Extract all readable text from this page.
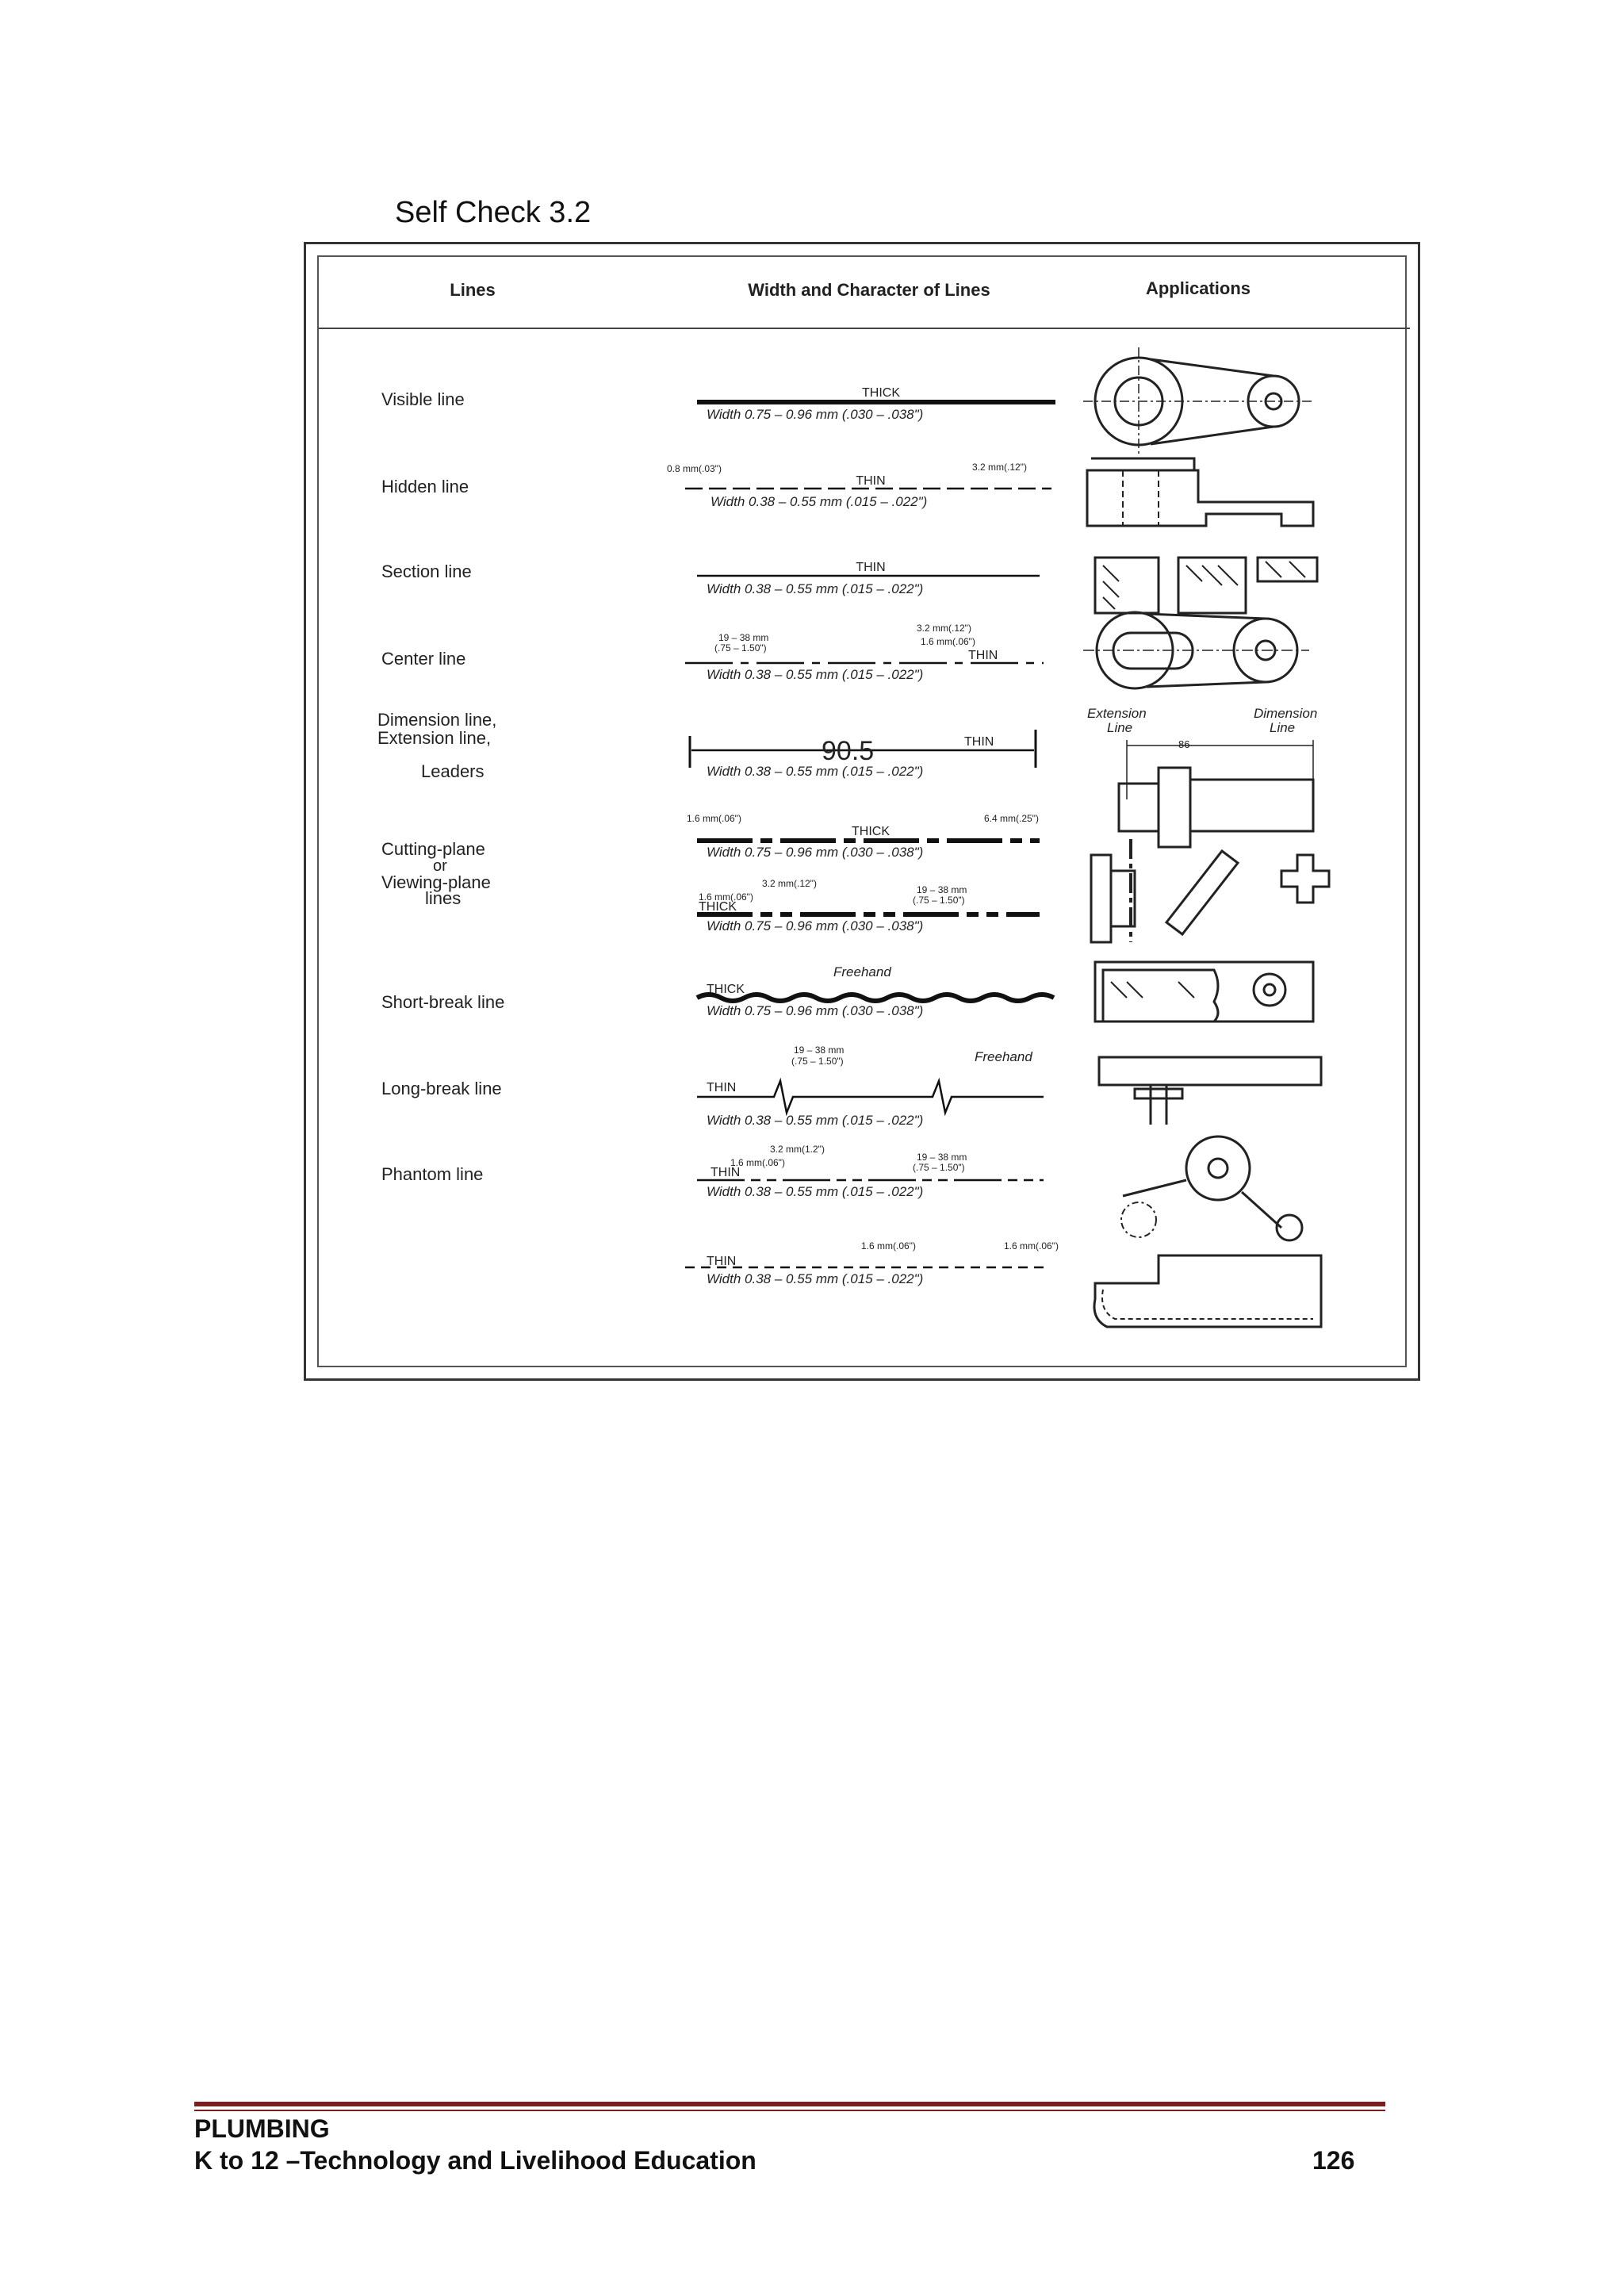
Self Check 3.2
Lines	Width and Character of Lines	Applications
Visible line	THICK
Width 0.75 – 0.96 mm (.030 – .038")
Hidden line
0.8 mm(.03")	3.2 mm(.12")
THIN
Width 0.38 – 0.55 mm (.015 – .022")
Section line	THIN
Width 0.38 – 0.55 mm (.015 – .022")
Center line
19 – 38 mm
(.75 – 1.50")
3.2 mm(.12")
1.6 mm(.06")
THIN
Width 0.38 – 0.55 mm (.015 – .022")
Dimension line,
Extension line,
Leaders
90.5	THIN
Width 0.38 – 0.55 mm (.015 – .022")
Extension
Line
Dimension
Line
86
Cutting-plane
or
Viewing-plane
lines
1.6 mm(.06")	6.4 mm(.25")
THICK
Width 0.75 – 0.96 mm (.030 – .038")
3.2 mm(.12")
1.6 mm(.06")
19 – 38 mm
(.75 – 1.50")
THICK
Width 0.75 – 0.96 mm (.030 – .038")
Short-break line
THICK
Freehand
Width 0.75 – 0.96 mm (.030 – .038")
Long-break line
19 – 38 mm
(.75 – 1.50")	Freehand
THIN
Width 0.38 – 0.55 mm (.015 – .022")
Phantom line
3.2 mm(1.2")
1.6 mm(.06")	19 – 38 mm
(.75 – 1.50")
THIN
Width 0.38 – 0.55 mm (.015 – .022")
1.6 mm(.06")	1.6 mm(.06")
THIN
Width 0.38 – 0.55 mm (.015 – .022")
PLUMBING
K to 12 –Technology and Livelihood Education	126
